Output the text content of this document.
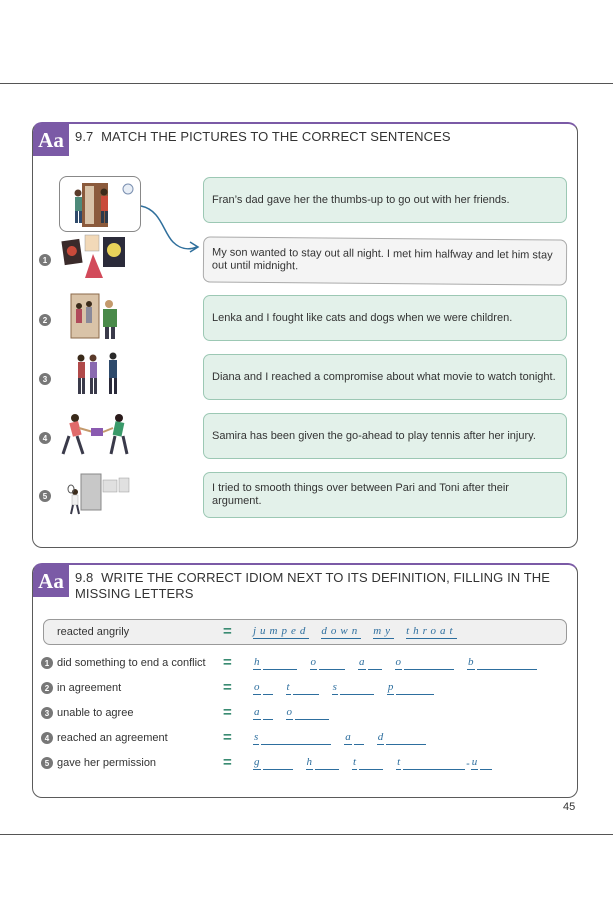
Aa 9.7 MATCH THE PICTURES TO THE CORRECT SENTENCES
1
2
3
4
5
Fran’s dad gave her the thumbs-up to go out with her friends.
My son wanted to stay out all night. I met him halfway and let him stay out until midnight.
Lenka and I fought like cats and dogs when we were children.
Diana and I reached a compromise about what movie to watch tonight.
Samira has been given the go-ahead to play tennis after her injury.
I tried to smooth things over between Pari and Toni after their argument.
Aa 9.8 WRITE THE CORRECT IDIOM NEXT TO ITS DEFINITION, FILLING IN THE MISSING LETTERS
reacted angrily	= jumped down my throat
1 did something to end a conflict = h	o	a	o	b
2 in agreement	= o t	s	p
3 unable to agree	= a o
4 reached an agreement	= s	a d
5 gave her permission	= g	h	t	t	- u
45
